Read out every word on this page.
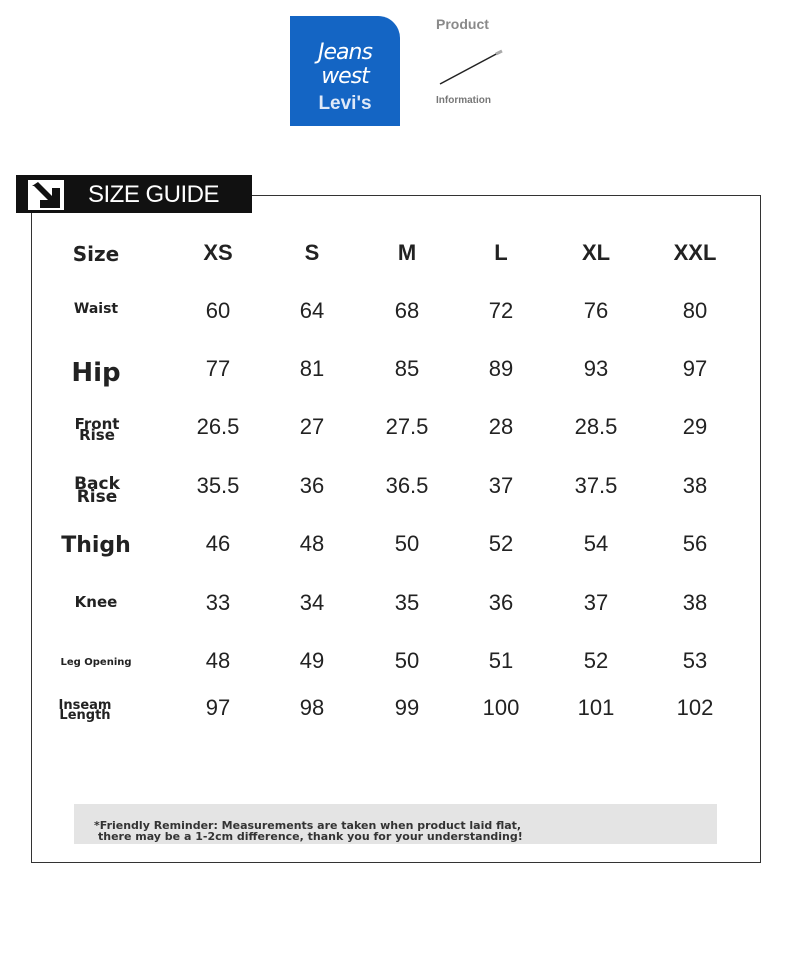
Jeans
west
Levi's
Product
Information
SIZE GUIDE
Size	XS	S	M	L	XL	XXL
Waist	60	64	68	72	76	80
Hip	77	81	85	89	93	97
Front Rise	26.5	27	27.5	28	28.5	29
Back Rise	35.5	36	36.5	37	37.5	38
Thigh	46	48	50	52	54	56
Knee	33	34	35	36	37	38
Leg Opening	48	49	50	51	52	53
Inseam Length	97	98	99	100	101	102

*Friendly Reminder: Measurements are taken when product laid flat,

there may be a 1-2cm difference, thank you for your understanding!
